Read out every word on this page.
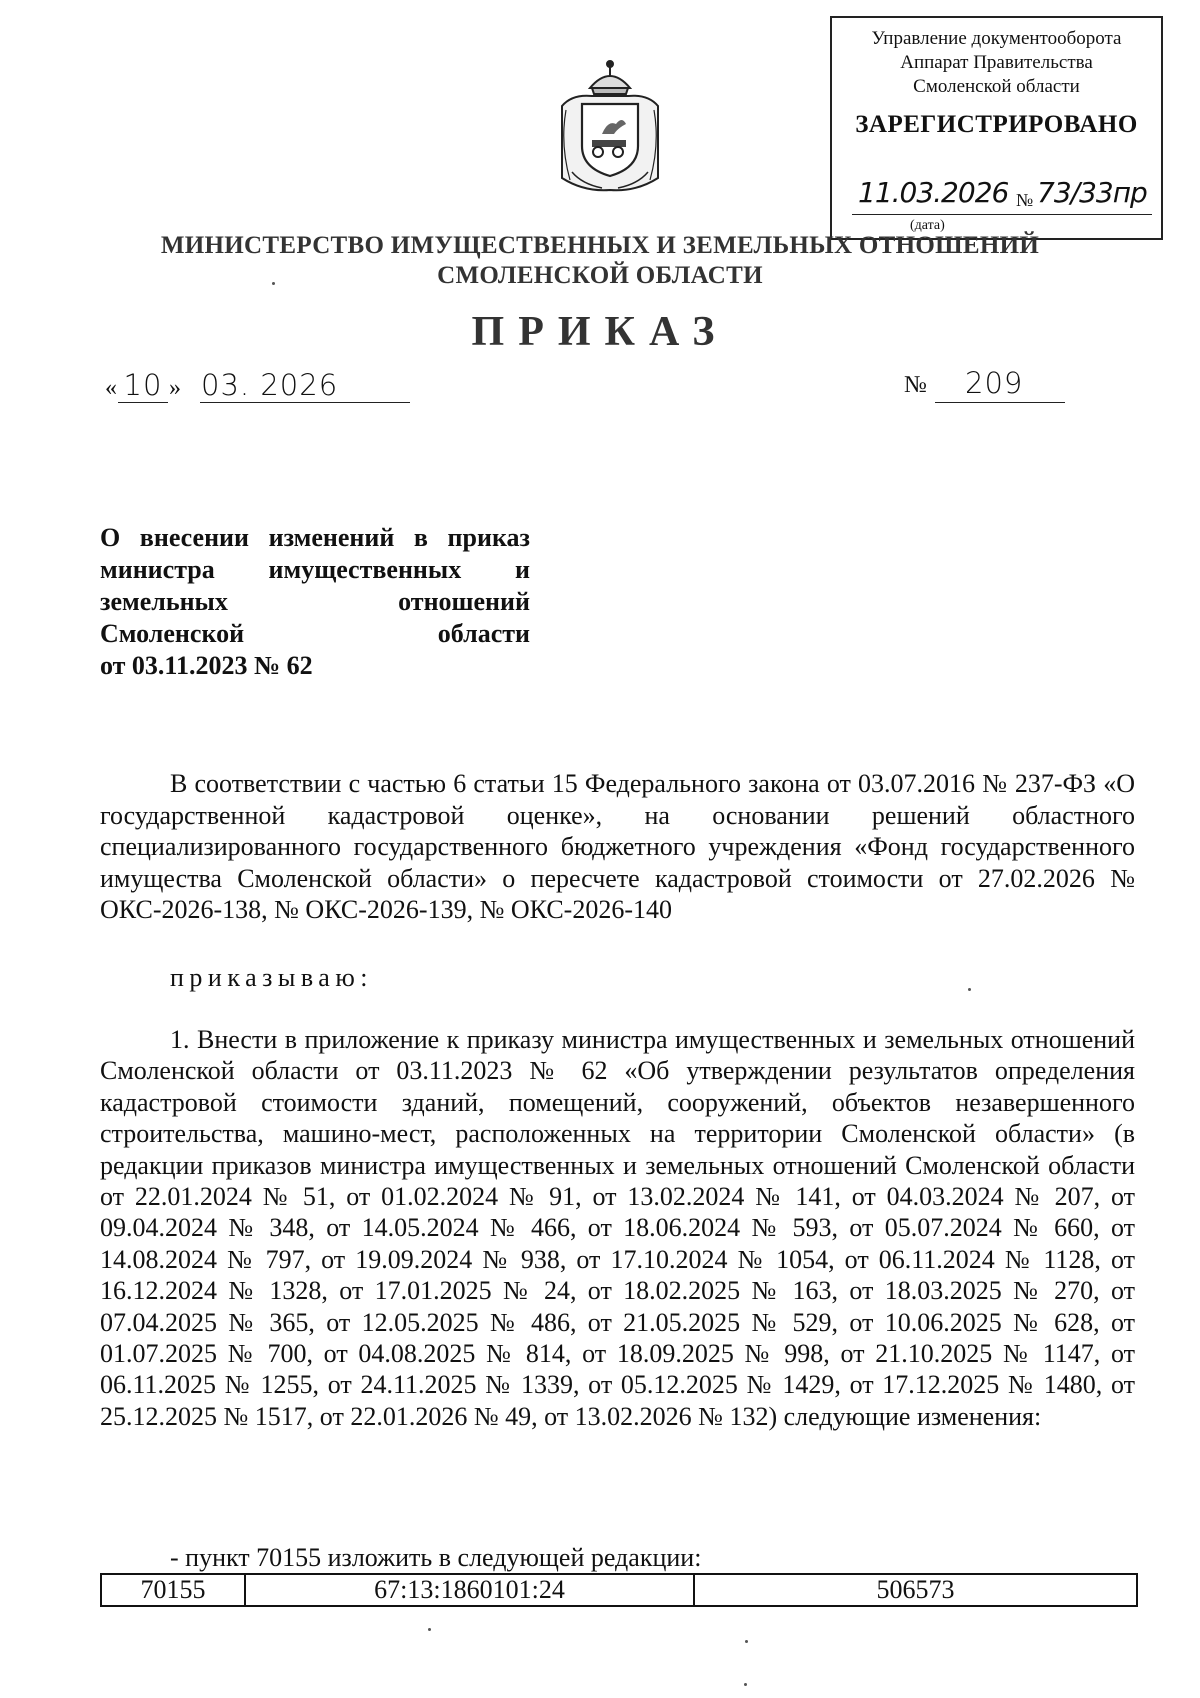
Управление документооборота
Аппарат Правительства
Смоленской области
ЗАРЕГИСТРИРОВАНО
11.03.2026 № 73/33пр
(дата)
МИНИСТЕРСТВО ИМУЩЕСТВЕННЫХ И ЗЕМЕЛЬНЫХ ОТНОШЕНИЙ
СМОЛЕНСКОЙ ОБЛАСТИ
ПРИКАЗ
« 10 » 03. 2026	№ 209
О внесении изменений в приказ
министра имущественных и
земельных отношений
Смоленской области
от 03.11.2023 № 62
В соответствии с частью 6 статьи 15 Федерального закона от 03.07.2016 № 237-ФЗ «О государственной кадастровой оценке», на основании решений областного специализированного государственного бюджетного учреждения «Фонд государственного имущества Смоленской области» о пересчете кадастровой стоимости от 27.02.2026 № ОКС-2026-138, № ОКС-2026-139, № ОКС-2026-140
приказываю:
1. Внести в приложение к приказу министра имущественных и земельных отношений Смоленской области от 03.11.2023 № 62 «Об утверждении результатов определения кадастровой стоимости зданий, помещений, сооружений, объектов незавершенного строительства, машино-мест, расположенных на территории Смоленской области» (в редакции приказов министра имущественных и земельных отношений Смоленской области от 22.01.2024 № 51, от 01.02.2024 № 91, от 13.02.2024 № 141, от 04.03.2024 № 207, от 09.04.2024 № 348, от 14.05.2024 № 466, от 18.06.2024 № 593, от 05.07.2024 № 660, от 14.08.2024 № 797, от 19.09.2024 № 938, от 17.10.2024 № 1054, от 06.11.2024 № 1128, от 16.12.2024 № 1328, от 17.01.2025 № 24, от 18.02.2025 № 163, от 18.03.2025 № 270, от 07.04.2025 № 365, от 12.05.2025 № 486, от 21.05.2025 № 529, от 10.06.2025 № 628, от 01.07.2025 № 700, от 04.08.2025 № 814, от 18.09.2025 № 998, от 21.10.2025 № 1147, от 06.11.2025 № 1255, от 24.11.2025 № 1339, от 05.12.2025 № 1429, от 17.12.2025 № 1480, от 25.12.2025 № 1517, от 22.01.2026 № 49, от 13.02.2026 № 132) следующие изменения:
- пункт 70155 изложить в следующей редакции:
70155	67:13:1860101:24	506573
